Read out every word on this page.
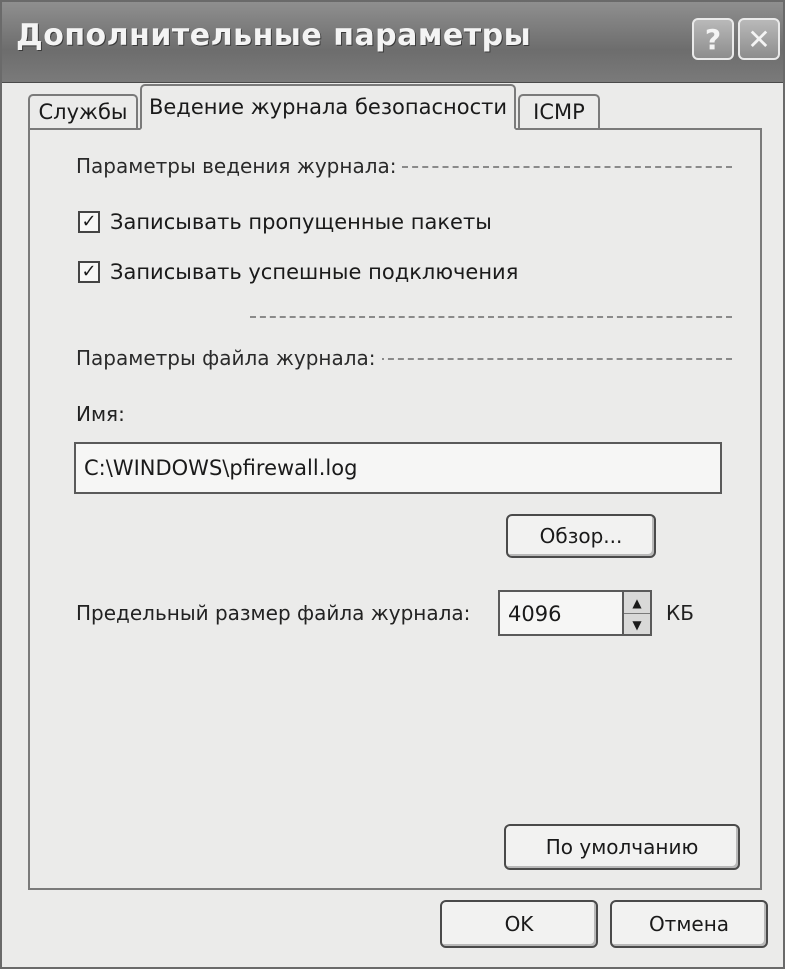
Дополнительные параметры	? ✕
Службы	Ведение журнала безопасности	ICMP
Параметры ведения журнала:
✓ Записывать пропущенные пакеты
✓ Записывать успешные подключения
Параметры файла журнала:
Имя:
C:\WINDOWS\pfirewall.log
Обзор...
Предельный размер файла журнала:	4096	▲
▼	КБ
По умолчанию
OK	Отмена
